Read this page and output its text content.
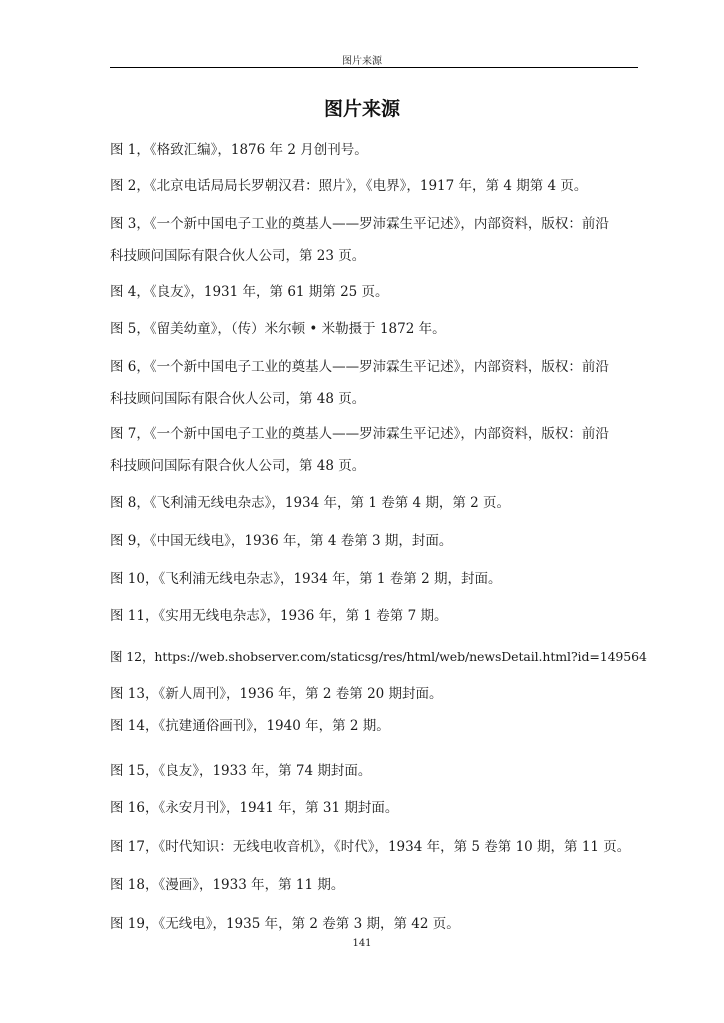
图片来源
图片来源
图 1，《格致汇编》，1876 年 2 月创刊号。
图 2，《北京电话局局长罗朝汉君：照片》，《电界》，1917 年，第 4 期第 4 页。
图 3，《一个新中国电子工业的奠基人——罗沛霖生平记述》，内部资料，版权：前沿
科技顾问国际有限合伙人公司，第 23 页。
图 4，《良友》，1931 年，第 61 期第 25 页。
图 5，《留美幼童》，（传）米尔顿 • 米勒摄于 1872 年。
图 6，《一个新中国电子工业的奠基人——罗沛霖生平记述》，内部资料，版权：前沿
科技顾问国际有限合伙人公司，第 48 页。
图 7，《一个新中国电子工业的奠基人——罗沛霖生平记述》，内部资料，版权：前沿
科技顾问国际有限合伙人公司，第 48 页。
图 8，《飞利浦无线电杂志》，1934 年，第 1 卷第 4 期，第 2 页。
图 9，《中国无线电》，1936 年，第 4 卷第 3 期，封面。
图 10，《飞利浦无线电杂志》，1934 年，第 1 卷第 2 期，封面。
图 11，《实用无线电杂志》，1936 年，第 1 卷第 7 期。
图 12，https://web.shobserver.com/staticsg/res/html/web/newsDetail.html?id=149564
图 13，《新人周刊》，1936 年，第 2 卷第 20 期封面。
图 14，《抗建通俗画刊》，1940 年，第 2 期。
图 15，《良友》，1933 年，第 74 期封面。
图 16，《永安月刊》，1941 年，第 31 期封面。
图 17，《时代知识：无线电收音机》，《时代》，1934 年，第 5 卷第 10 期，第 11 页。
图 18，《漫画》，1933 年，第 11 期。
图 19，《无线电》，1935 年，第 2 卷第 3 期，第 42 页。
141
